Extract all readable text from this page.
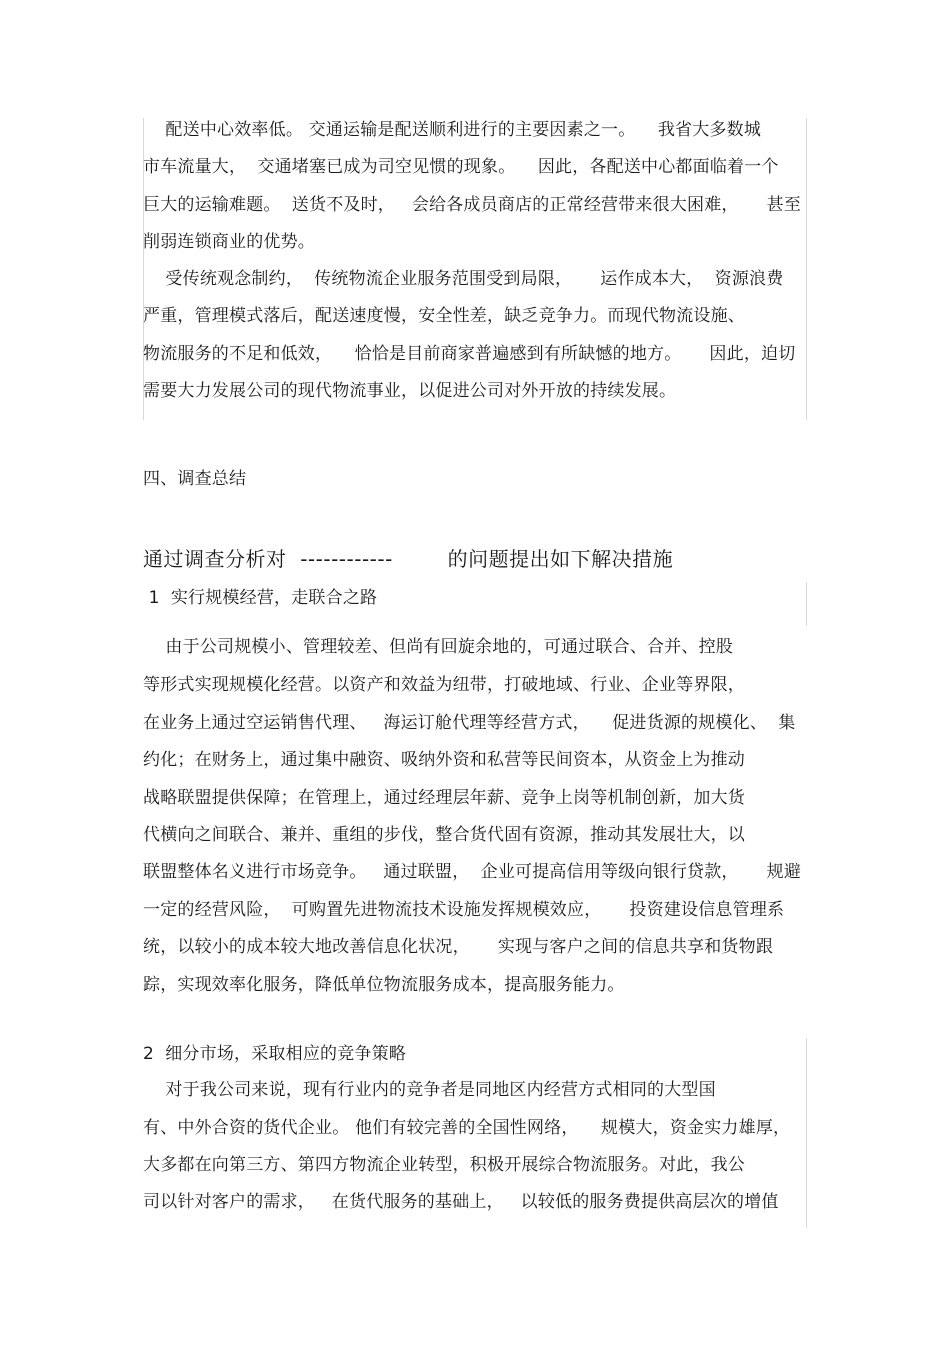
配送中心效率低。 交通运输是配送顺利进行的主要因素之一。    我省大多数城
市车流量大，  交通堵塞已成为司空见惯的现象。    因此，各配送中心都面临着一个
巨大的运输难题。  送货不及时，   会给各成员商店的正常经营带来很大困难，     甚至
削弱连锁商业的优势。
受传统观念制约，  传统物流企业服务范围受到局限，     运作成本大，  资源浪费
严重，管理模式落后，配送速度慢，安全性差，缺乏竞争力。而现代物流设施、
物流服务的不足和低效，    恰恰是目前商家普遍感到有所缺憾的地方。     因此，迫切
需要大力发展公司的现代物流事业，以促进公司对外开放的持续发展。
四、调查总结
通过调查分析对  ------------        的问题提出如下解决措施
1  实行规模经营，走联合之路
由于公司规模小、管理较差、但尚有回旋余地的，可通过联合、合并、控股
等形式实现规模化经营。以资产和效益为纽带，打破地域、行业、企业等界限，
在业务上通过空运销售代理、   海运订舱代理等经营方式，    促进货源的规模化、  集
约化；在财务上，通过集中融资、吸纳外资和私营等民间资本，从资金上为推动
战略联盟提供保障；在管理上，通过经理层年薪、竞争上岗等机制创新，加大货
代横向之间联合、兼并、重组的步伐，整合货代固有资源，推动其发展壮大，以
联盟整体名义进行市场竞争。   通过联盟，  企业可提高信用等级向银行贷款，     规避
一定的经营风险，  可购置先进物流技术设施发挥规模效应，     投资建设信息管理系
统，以较小的成本较大地改善信息化状况，     实现与客户之间的信息共享和货物跟
踪，实现效率化服务，降低单位物流服务成本，提高服务能力。
2  细分市场，采取相应的竞争策略
对于我公司来说，现有行业内的竞争者是同地区内经营方式相同的大型国
有、中外合资的货代企业。 他们有较完善的全国性网络，    规模大，资金实力雄厚，
大多都在向第三方、第四方物流企业转型，积极开展综合物流服务。对此，我公
司以针对客户的需求，   在货代服务的基础上，   以较低的服务费提供高层次的增值
